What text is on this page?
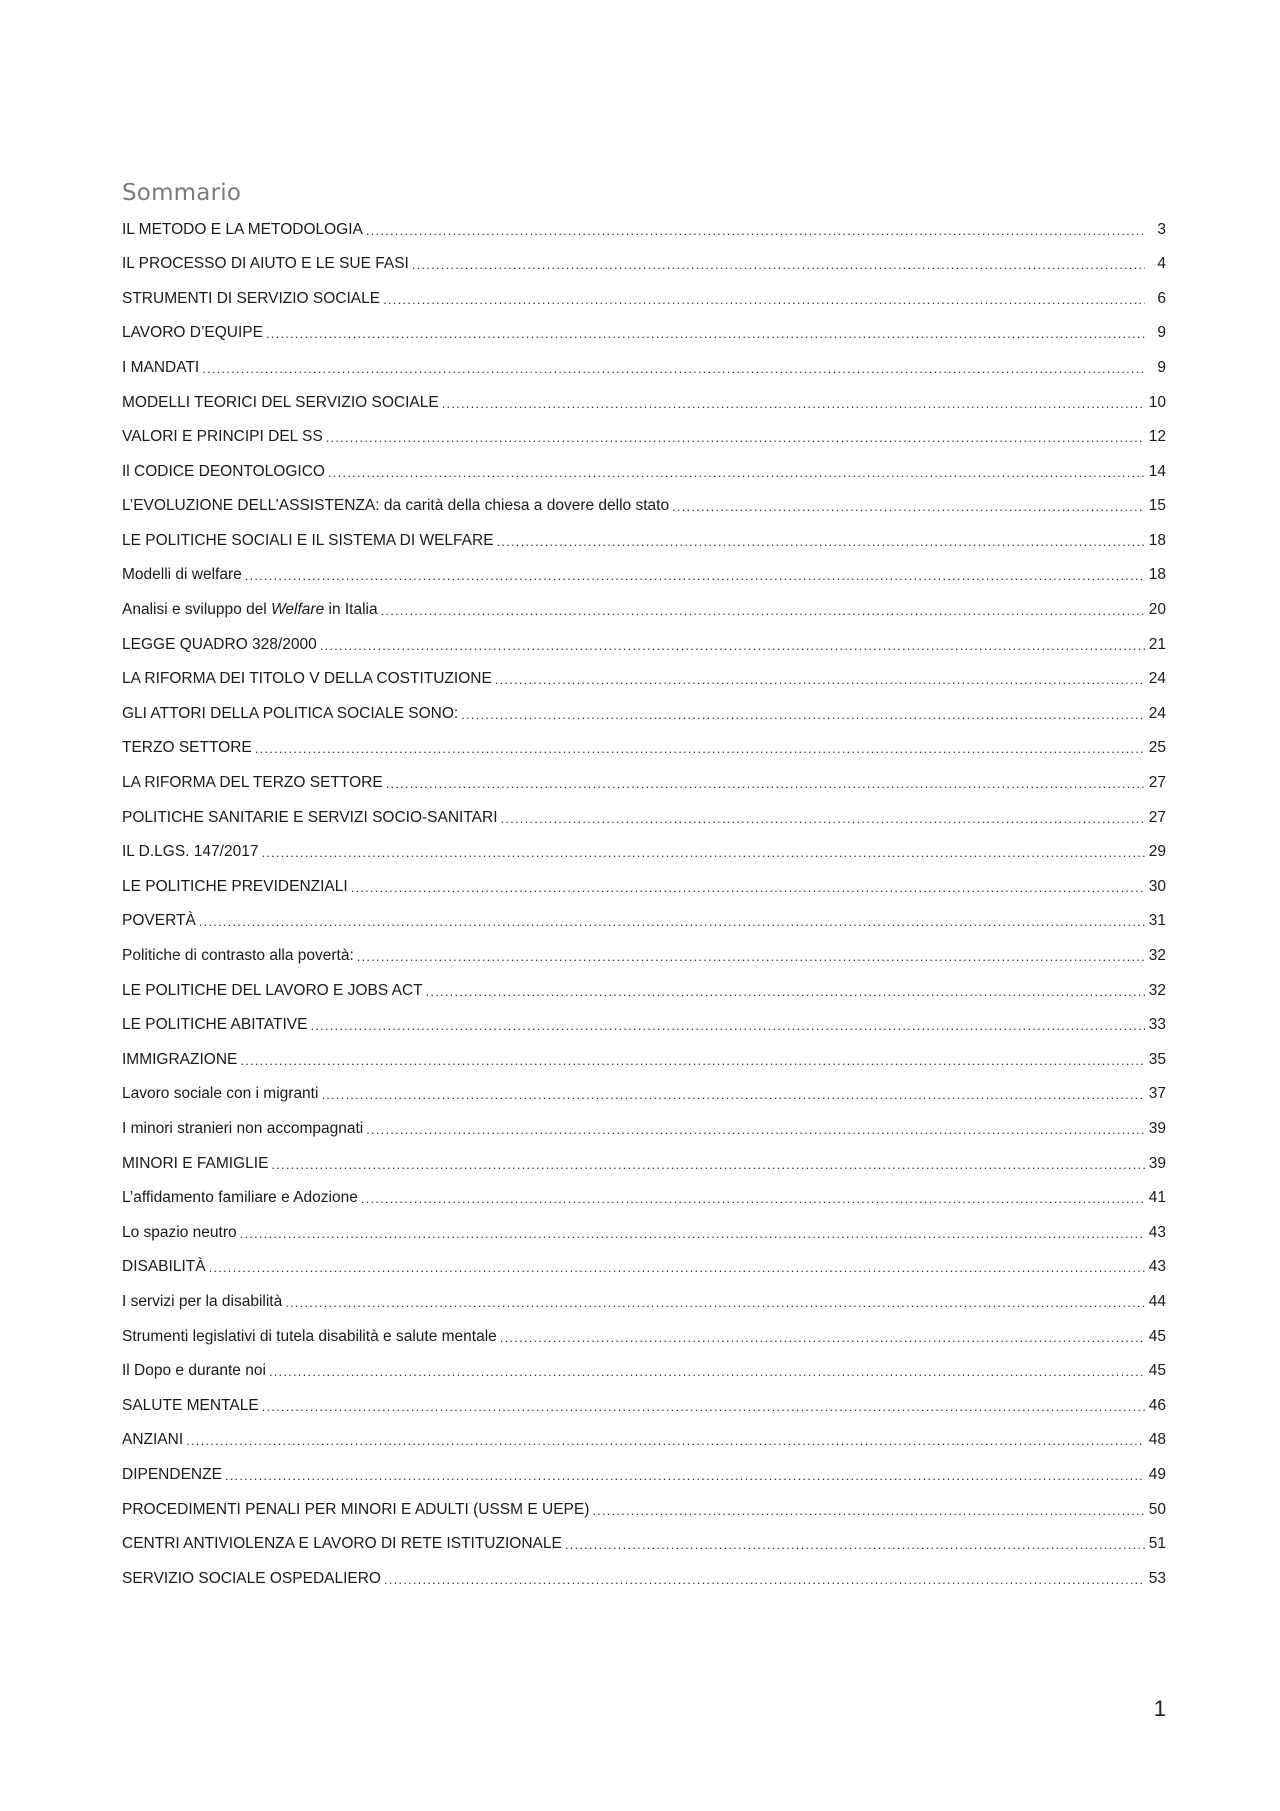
Sommario
IL METODO E LA METODOLOGIA .....	3
IL PROCESSO DI AIUTO E LE SUE FASI .....	4
STRUMENTI DI SERVIZIO SOCIALE .....	6
LAVORO D’EQUIPE .....	9
I MANDATI .....	9
MODELLI TEORICI DEL SERVIZIO SOCIALE .....	10
VALORI E PRINCIPI DEL SS .....	12
Il CODICE DEONTOLOGICO .....	14
L’EVOLUZIONE DELL’ASSISTENZA: da carità della chiesa a dovere dello stato .....	15
LE POLITICHE SOCIALI E IL SISTEMA DI WELFARE .....	18
Modelli di welfare .....	18
Analisi e sviluppo del Welfare in Italia .....	20
LEGGE QUADRO 328/2000 .....	21
LA RIFORMA DEI TITOLO V DELLA COSTITUZIONE .....	24
GLI ATTORI DELLA POLITICA SOCIALE SONO: .....	24
TERZO SETTORE .....	25
LA RIFORMA DEL TERZO SETTORE .....	27
POLITICHE SANITARIE E SERVIZI SOCIO-SANITARI .....	27
IL D.LGS. 147/2017 .....	29
LE POLITICHE PREVIDENZIALI .....	30
POVERTÀ .....	31
Politiche di contrasto alla povertà: .....	32
LE POLITICHE DEL LAVORO E JOBS ACT .....	32
LE POLITICHE ABITATIVE .....	33
IMMIGRAZIONE .....	35
Lavoro sociale con i migranti .....	37
I minori stranieri non accompagnati .....	39
MINORI E FAMIGLIE .....	39
L’affidamento familiare e Adozione .....	41
Lo spazio neutro .....	43
DISABILITÀ .....	43
I servizi per la disabilità .....	44
Strumenti legislativi di tutela disabilità e salute mentale .....	45
Il Dopo e durante noi .....	45
SALUTE MENTALE .....	46
ANZIANI .....	48
DIPENDENZE .....	49
PROCEDIMENTI PENALI PER MINORI E ADULTI (USSM E UEPE) .....	50
CENTRI ANTIVIOLENZA E LAVORO DI RETE ISTITUZIONALE .....	51
SERVIZIO SOCIALE OSPEDALIERO .....	53
1
